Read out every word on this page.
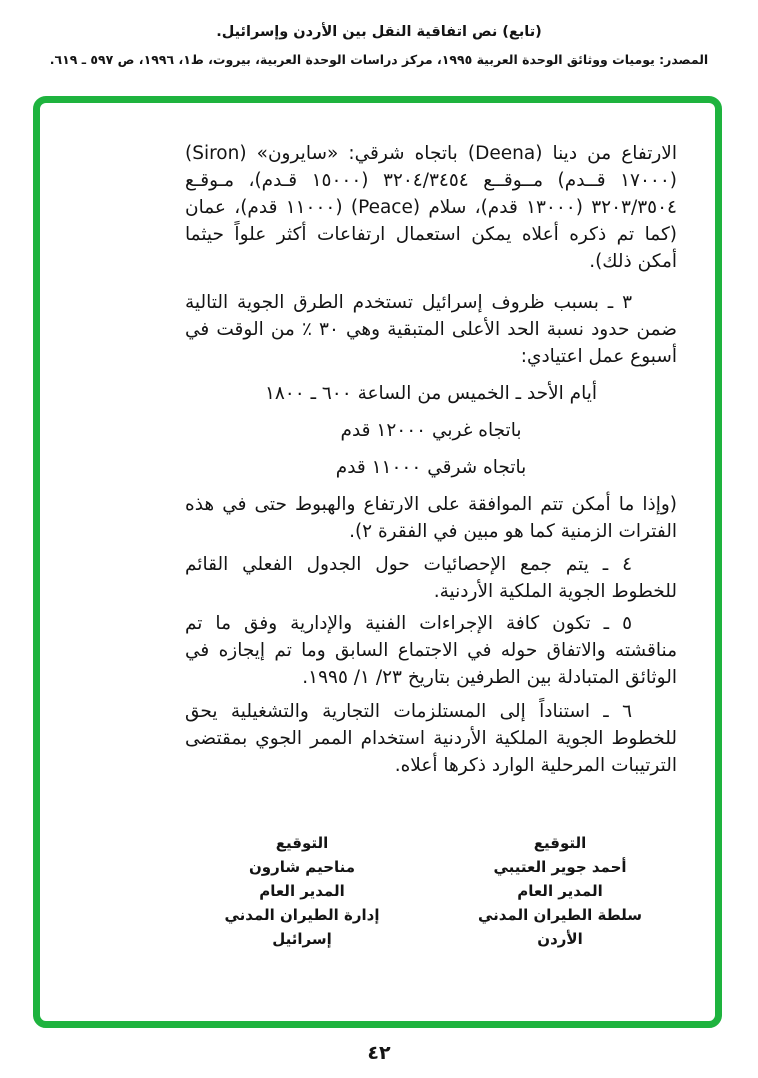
(تابع) نص اتفاقية النقل بين الأردن وإسرائيل.
المصدر: يوميات ووثائق الوحدة العربية ١٩٩٥، مركز دراسات الوحدة العربية، بيروت، ط١، ١٩٩٦، ص ٥٩٧ ـ ٦١٩.

الارتفاع من دينا (Deena) باتجاه شرقي: «سايرون» (Siron) (١٧٠٠٠ قــدم) مــوقــع ٣٢٠٤/٣٤٥٤ (١٥٠٠٠ قـدم)، مـوقـع ٣٢٠٣/٣٥٠٤ (١٣٠٠٠ قدم)، سلام (Peace) (١١٠٠٠ قدم)، عمان (كما تم ذكره أعلاه يمكن استعمال ارتفاعات أكثر علواً حيثما أمكن ذلك).

٣ ـ بسبب ظروف إسرائيل تستخدم الطرق الجوية التالية ضمن حدود نسبة الحد الأعلى المتبقية وهي ٣٠ ٪ من الوقت في أسبوع عمل اعتيادي:

أيام الأحد ـ الخميس من الساعة ٦٠٠ ـ ١٨٠٠

باتجاه غربي ١٢٠٠٠ قدم

باتجاه شرقي ١١٠٠٠ قدم

(وإذا ما أمكن تتم الموافقة على الارتفاع والهبوط حتى في هذه الفترات الزمنية كما هو مبين في الفقرة ٢).

٤ ـ يتم جمع الإحصائيات حول الجدول الفعلي القائم للخطوط الجوية الملكية الأردنية.

٥ ـ تكون كافة الإجراءات الفنية والإدارية وفق ما تم مناقشته والاتفاق حوله في الاجتماع السابق وما تم إيجازه في الوثائق المتبادلة بين الطرفين بتاريخ ٢٣/ ١/ ١٩٩٥.

٦ ـ استناداً إلى المستلزمات التجارية والتشغيلية يحق للخطوط الجوية الملكية الأردنية استخدام الممر الجوي بمقتضى الترتيبات المرحلية الوارد ذكرها أعلاه.

التوقيع
أحمد جوير العتيبي
المدير العام
سلطة الطيران المدني
الأردن
التوقيع
مناحيم شارون
المدير العام
إدارة الطيران المدني
إسرائيل
٤٢
